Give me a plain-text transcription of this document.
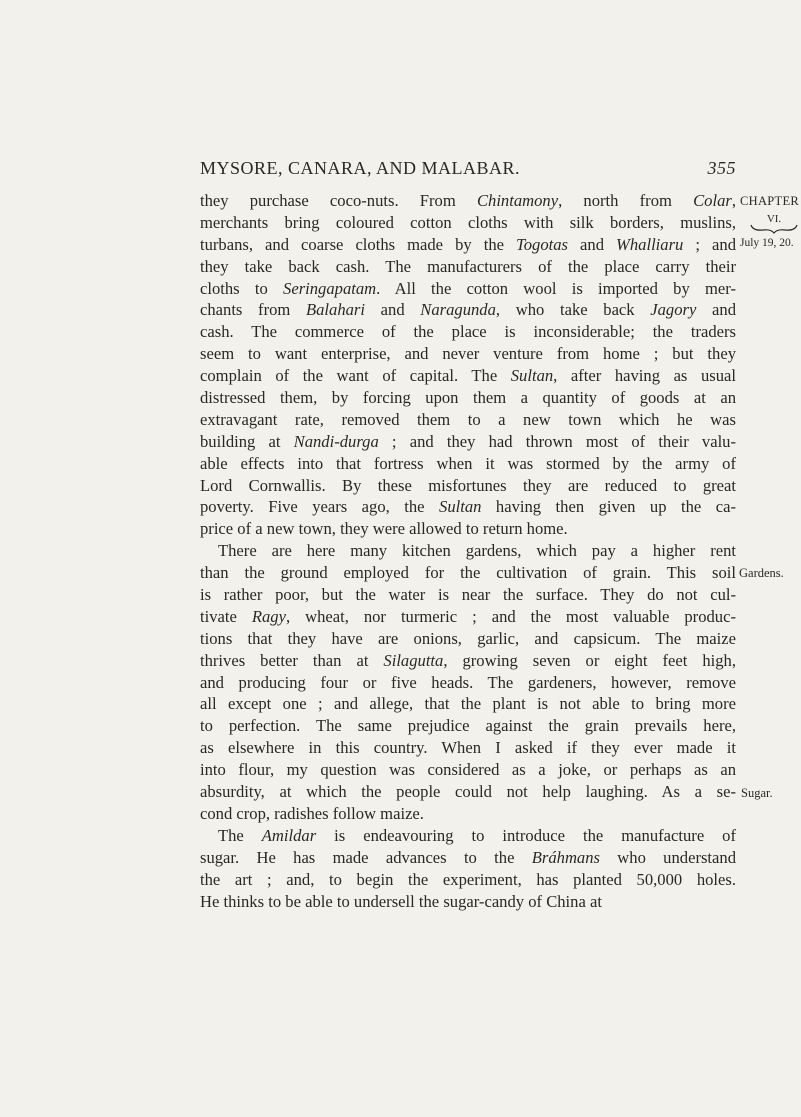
MYSORE, CANARA, AND MALABAR.	355
they purchase coco-nuts. From Chintamony, north from Colar,
merchants bring coloured cotton cloths with silk borders, muslins,
turbans, and coarse cloths made by the Togotas and Whalliaru ; and
they take back cash. The manufacturers of the place carry their
cloths to Seringapatam. All the cotton wool is imported by mer-
chants from Balahari and Naragunda, who take back Jagory and
cash. The commerce of the place is inconsiderable; the traders
seem to want enterprise, and never venture from home ; but they
complain of the want of capital. The Sultan, after having as usual
distressed them, by forcing upon them a quantity of goods at an
extravagant rate, removed them to a new town which he was
building at Nandi-durga ; and they had thrown most of their valu-
able effects into that fortress when it was stormed by the army of
Lord Cornwallis. By these misfortunes they are reduced to great
poverty. Five years ago, the Sultan having then given up the ca-
price of a new town, they were allowed to return home.
There are here many kitchen gardens, which pay a higher rent
than the ground employed for the cultivation of grain. This soil
is rather poor, but the water is near the surface. They do not cul-
tivate Ragy, wheat, nor turmeric ; and the most valuable produc-
tions that they have are onions, garlic, and capsicum. The maize
thrives better than at Silagutta, growing seven or eight feet high,
and producing four or five heads. The gardeners, however, remove
all except one ; and allege, that the plant is not able to bring more
to perfection. The same prejudice against the grain prevails here,
as elsewhere in this country. When I asked if they ever made it
into flour, my question was considered as a joke, or perhaps as an
absurdity, at which the people could not help laughing. As a se-
cond crop, radishes follow maize.
The Amildar is endeavouring to introduce the manufacture of
sugar. He has made advances to the Bráhmans who understand
the art ; and, to begin the experiment, has planted 50,000 holes.
He thinks to be able to undersell the sugar-candy of China at
CHAPTER
VI.
July 19, 20.
Gardens.
Sugar.
